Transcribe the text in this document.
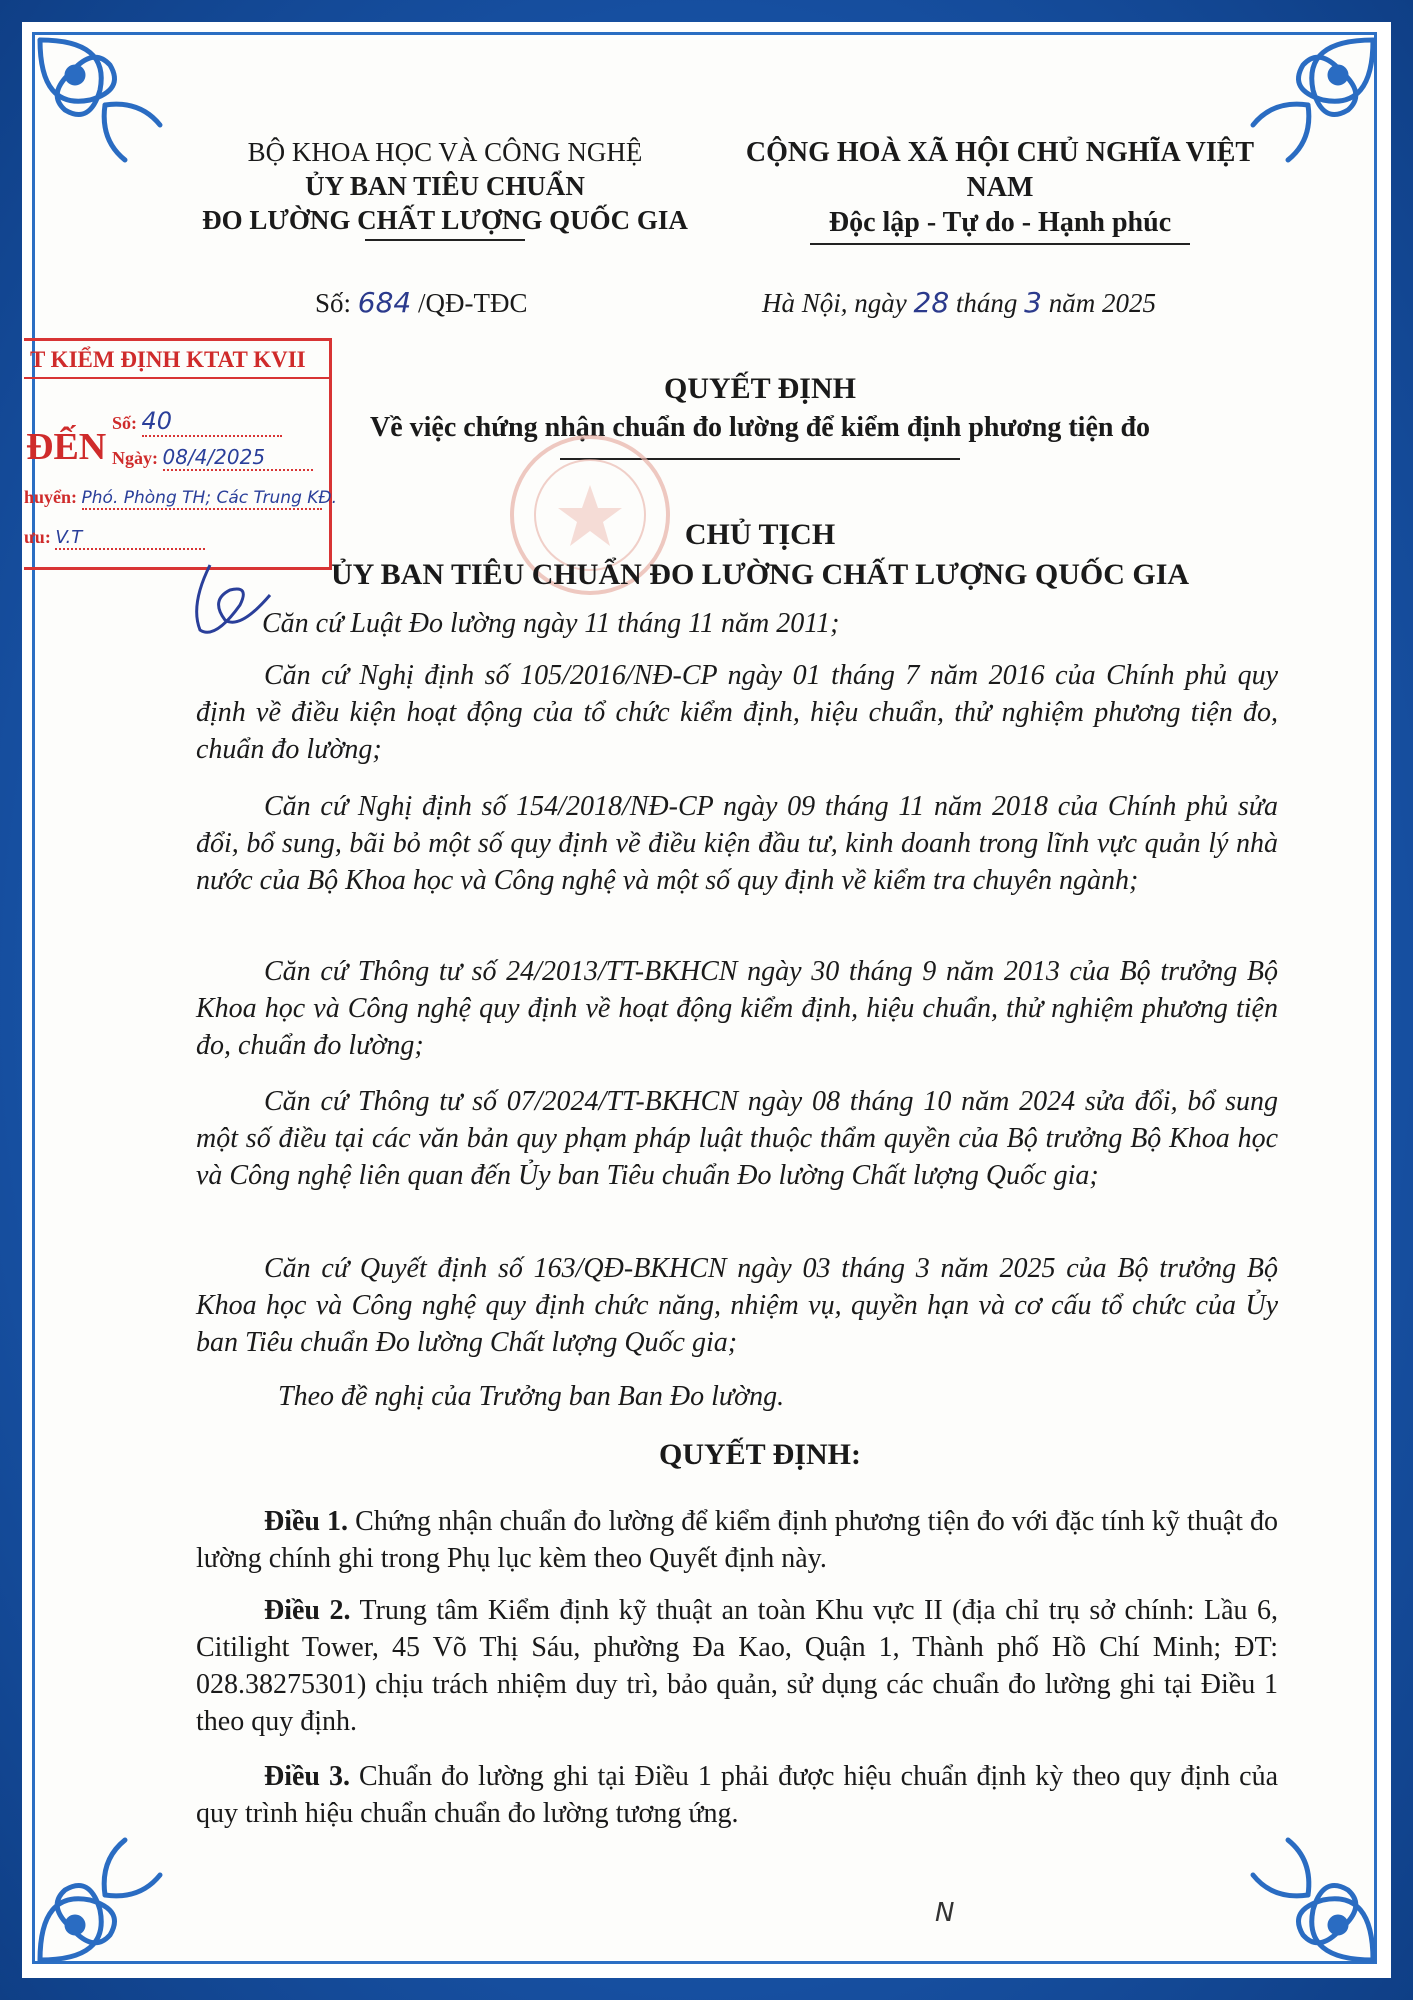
BỘ KHOA HỌC VÀ CÔNG NGHỆ
ỦY BAN TIÊU CHUẨN
ĐO LƯỜNG CHẤT LƯỢNG QUỐC GIA
CỘNG HOÀ XÃ HỘI CHỦ NGHĨA VIỆT NAM
Độc lập - Tự do - Hạnh phúc
Số: 684 /QĐ-TĐC	Hà Nội, ngày 28 tháng 3 năm 2025
QUYẾT ĐỊNH
Về việc chứng nhận chuẩn đo lường để kiểm định phương tiện đo
CHỦ TỊCH
ỦY BAN TIÊU CHUẨN ĐO LƯỜNG CHẤT LƯỢNG QUỐC GIA
Căn cứ Luật Đo lường ngày 11 tháng 11 năm 2011;
Căn cứ Nghị định số 105/2016/NĐ-CP ngày 01 tháng 7 năm 2016 của Chính phủ quy định về điều kiện hoạt động của tổ chức kiểm định, hiệu chuẩn, thử nghiệm phương tiện đo, chuẩn đo lường;
Căn cứ Nghị định số 154/2018/NĐ-CP ngày 09 tháng 11 năm 2018 của Chính phủ sửa đổi, bổ sung, bãi bỏ một số quy định về điều kiện đầu tư, kinh doanh trong lĩnh vực quản lý nhà nước của Bộ Khoa học và Công nghệ và một số quy định về kiểm tra chuyên ngành;
Căn cứ Thông tư số 24/2013/TT-BKHCN ngày 30 tháng 9 năm 2013 của Bộ trưởng Bộ Khoa học và Công nghệ quy định về hoạt động kiểm định, hiệu chuẩn, thử nghiệm phương tiện đo, chuẩn đo lường;
Căn cứ Thông tư số 07/2024/TT-BKHCN ngày 08 tháng 10 năm 2024 sửa đổi, bổ sung một số điều tại các văn bản quy phạm pháp luật thuộc thẩm quyền của Bộ trưởng Bộ Khoa học và Công nghệ liên quan đến Ủy ban Tiêu chuẩn Đo lường Chất lượng Quốc gia;
Căn cứ Quyết định số 163/QĐ-BKHCN ngày 03 tháng 3 năm 2025 của Bộ trưởng Bộ Khoa học và Công nghệ quy định chức năng, nhiệm vụ, quyền hạn và cơ cấu tổ chức của Ủy ban Tiêu chuẩn Đo lường Chất lượng Quốc gia;
Theo đề nghị của Trưởng ban Ban Đo lường.
QUYẾT ĐỊNH:
Điều 1. Chứng nhận chuẩn đo lường để kiểm định phương tiện đo với đặc tính kỹ thuật đo lường chính ghi trong Phụ lục kèm theo Quyết định này.
Điều 2. Trung tâm Kiểm định kỹ thuật an toàn Khu vực II (địa chỉ trụ sở chính: Lầu 6, Citilight Tower, 45 Võ Thị Sáu, phường Đa Kao, Quận 1, Thành phố Hồ Chí Minh; ĐT: 028.38275301) chịu trách nhiệm duy trì, bảo quản, sử dụng các chuẩn đo lường ghi tại Điều 1 theo quy định.
Điều 3. Chuẩn đo lường ghi tại Điều 1 phải được hiệu chuẩn định kỳ theo quy định của quy trình hiệu chuẩn chuẩn đo lường tương ứng.
T KIỂM ĐỊNH KTAT KVII
ĐẾN
Số: 40
Ngày: 08/4/2025
huyển: Phó. Phòng TH; Các Trung KĐ.
ưu: V.T
N
